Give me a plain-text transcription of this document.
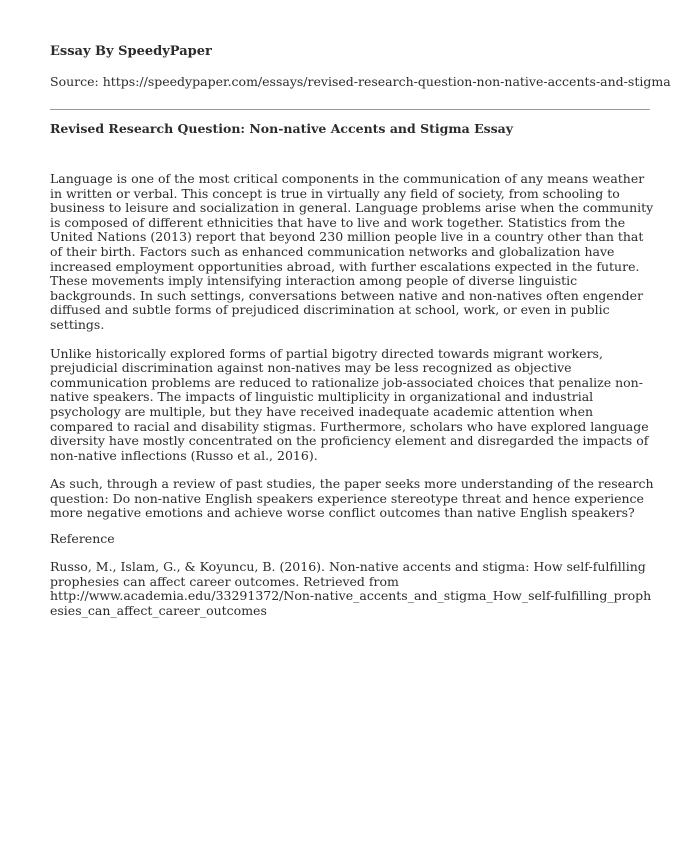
Essay By SpeedyPaper
Source: https://speedypaper.com/essays/revised-research-question-non-native-accents-and-stigma
Revised Research Question: Non-native Accents and Stigma Essay

Language is one of the most critical components in the communication of any means weather in written or verbal. This concept is true in virtually any field of society, from schooling to business to leisure and socialization in general. Language problems arise when the community is composed of different ethnicities that have to live and work together. Statistics from the United Nations (2013) report that beyond 230 million people live in a country other than that of their birth. Factors such as enhanced communication networks and globalization have increased employment opportunities abroad, with further escalations expected in the future. These movements imply intensifying interaction among people of diverse linguistic backgrounds. In such settings, conversations between native and non-natives often engender diffused and subtle forms of prejudiced discrimination at school, work, or even in public settings.

Unlike historically explored forms of partial bigotry directed towards migrant workers, prejudicial discrimination against non-natives may be less recognized as objective communication problems are reduced to rationalize job-associated choices that penalize non-native speakers. The impacts of linguistic multiplicity in organizational and industrial psychology are multiple, but they have received inadequate academic attention when compared to racial and disability stigmas. Furthermore, scholars who have explored language diversity have mostly concentrated on the proficiency element and disregarded the impacts of non-native inflections (Russo et al., 2016).

As such, through a review of past studies, the paper seeks more understanding of the research question: Do non-native English speakers experience stereotype threat and hence experience more negative emotions and achieve worse conflict outcomes than native English speakers?

Reference
Russo, M., Islam, G., & Koyuncu, B. (2016). Non-native accents and stigma: How self-fulfilling prophesies can affect career outcomes. Retrieved from
http://www.academia.edu/33291372/Non-native_accents_and_stigma_How_self-fulfilling_prophesies_can_affect_career_outcomes
